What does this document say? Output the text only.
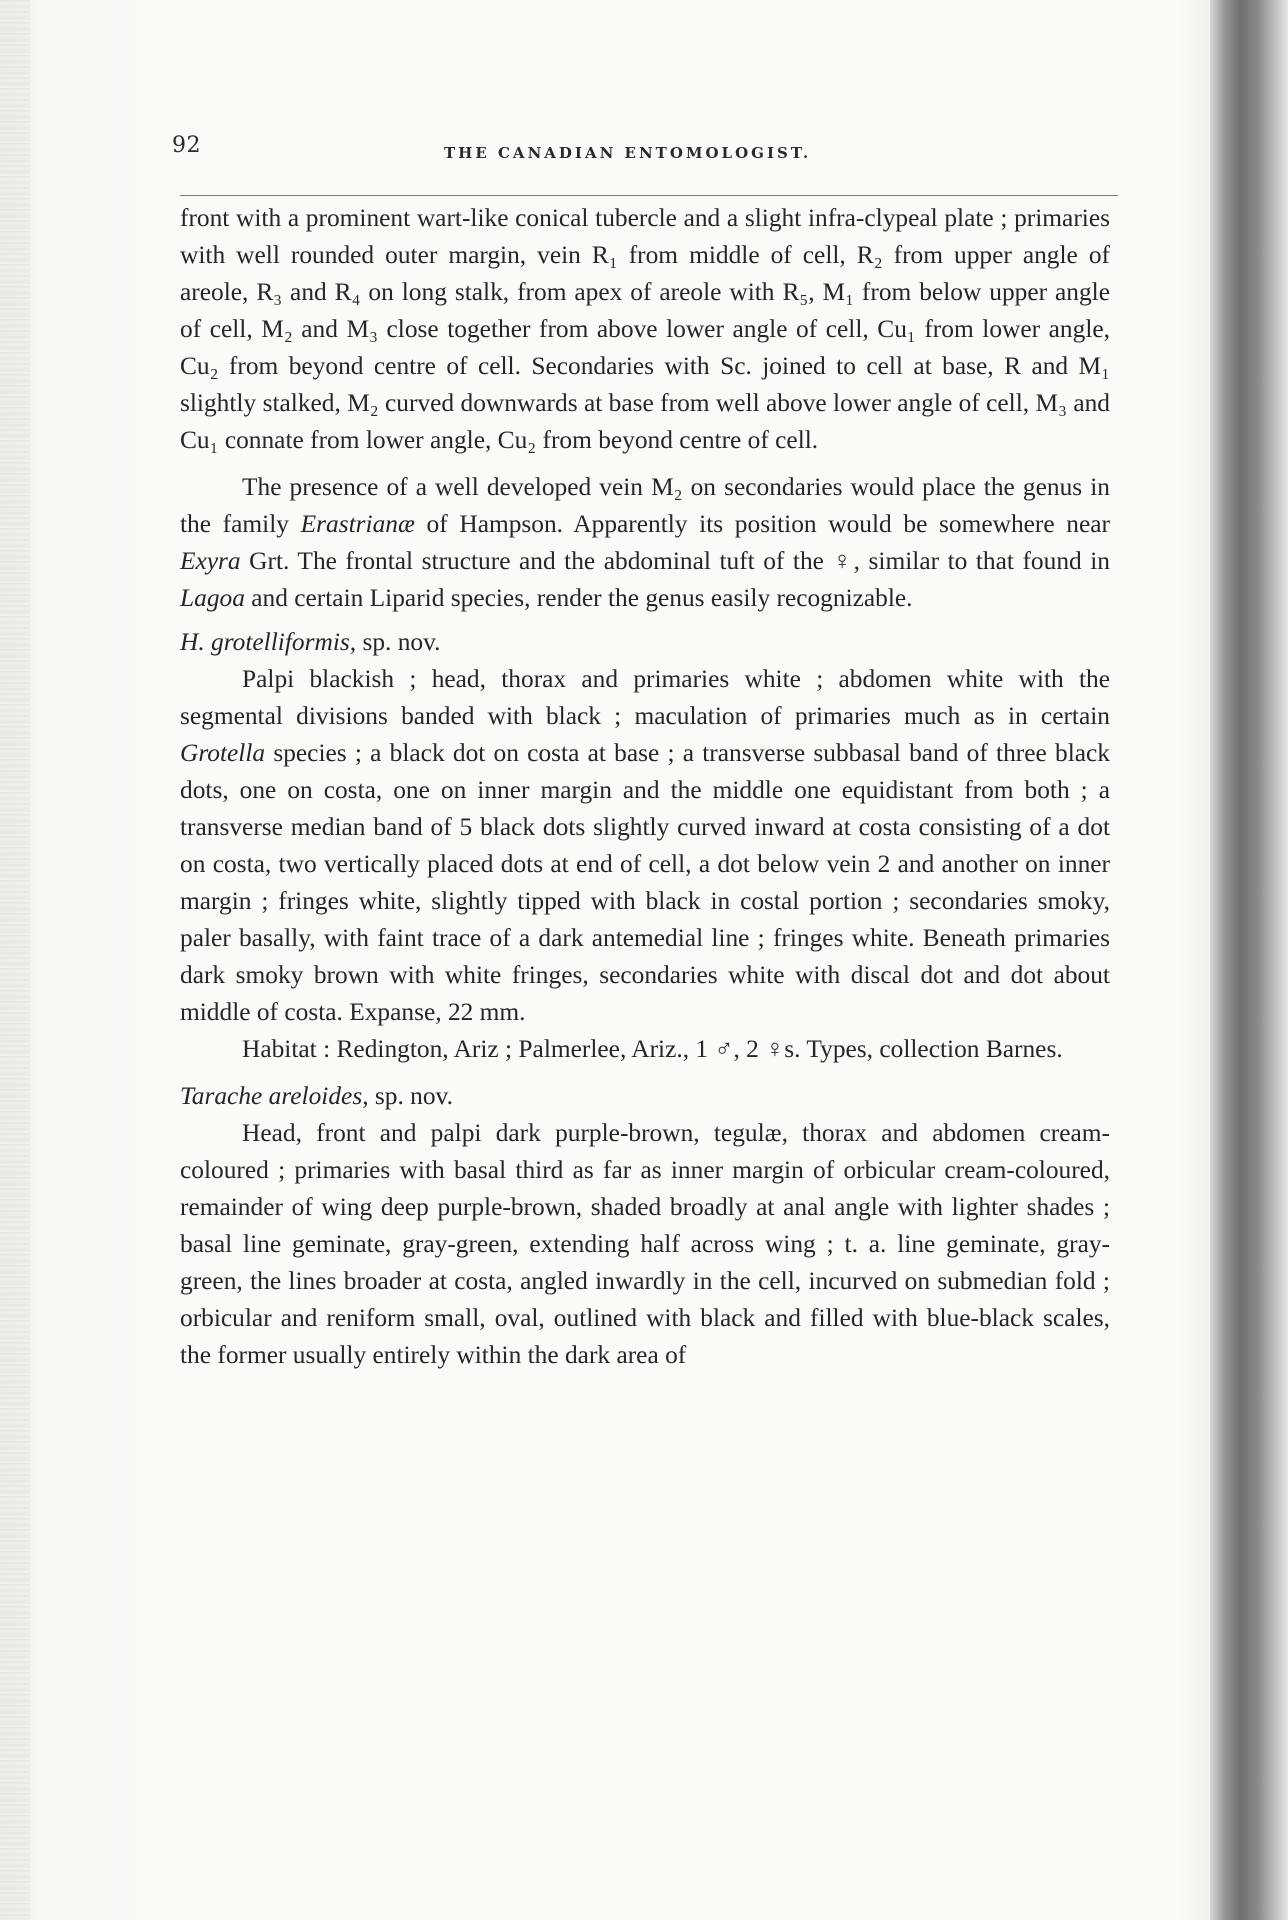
92	THE CANADIAN ENTOMOLOGIST.

front with a prominent wart-like conical tubercle and a slight infra-clypeal plate ; primaries with well rounded outer margin, vein R₁ from middle of cell, R₂ from upper angle of areole, R₃ and R₄ on long stalk, from apex of areole with R₅, M₁ from below upper angle of cell, M₂ and M₃ close together from above lower angle of cell, Cu₁ from lower angle, Cu₂ from beyond centre of cell. Secondaries with Sc. joined to cell at base, R and M₁ slightly stalked, M₂ curved downwards at base from well above lower angle of cell, M₃ and Cu₁ connate from lower angle, Cu₂ from beyond centre of cell.

The presence of a well developed vein M₂ on secondaries would place the genus in the family Erastrianæ of Hampson. Apparently its position would be somewhere near Exyra Grt. The frontal structure and the abdominal tuft of the ♀, similar to that found in Lagoa and certain Liparid species, render the genus easily recognizable.

H. grotelliformis, sp. nov.

Palpi blackish ; head, thorax and primaries white ; abdomen white with the segmental divisions banded with black ; maculation of primaries much as in certain Grotella species ; a black dot on costa at base ; a transverse subbasal band of three black dots, one on costa, one on inner margin and the middle one equidistant from both ; a transverse median band of 5 black dots slightly curved inward at costa consisting of a dot on costa, two vertically placed dots at end of cell, a dot below vein 2 and another on inner margin ; fringes white, slightly tipped with black in costal portion ; secondaries smoky, paler basally, with faint trace of a dark antemedial line ; fringes white. Beneath primaries dark smoky brown with white fringes, secondaries white with discal dot and dot about middle of costa. Expanse, 22 mm.

Habitat : Redington, Ariz ; Palmerlee, Ariz., 1 ♂, 2 ♀s. Types, collection Barnes.

Tarache areloides, sp. nov.

Head, front and palpi dark purple-brown, tegulæ, thorax and abdomen cream-coloured ; primaries with basal third as far as inner margin of orbicular cream-coloured, remainder of wing deep purple-brown, shaded broadly at anal angle with lighter shades ; basal line geminate, gray-green, extending half across wing ; t. a. line geminate, gray-green, the lines broader at costa, angled inwardly in the cell, incurved on submedian fold ; orbicular and reniform small, oval, outlined with black and filled with blue-black scales, the former usually entirely within the dark area of
